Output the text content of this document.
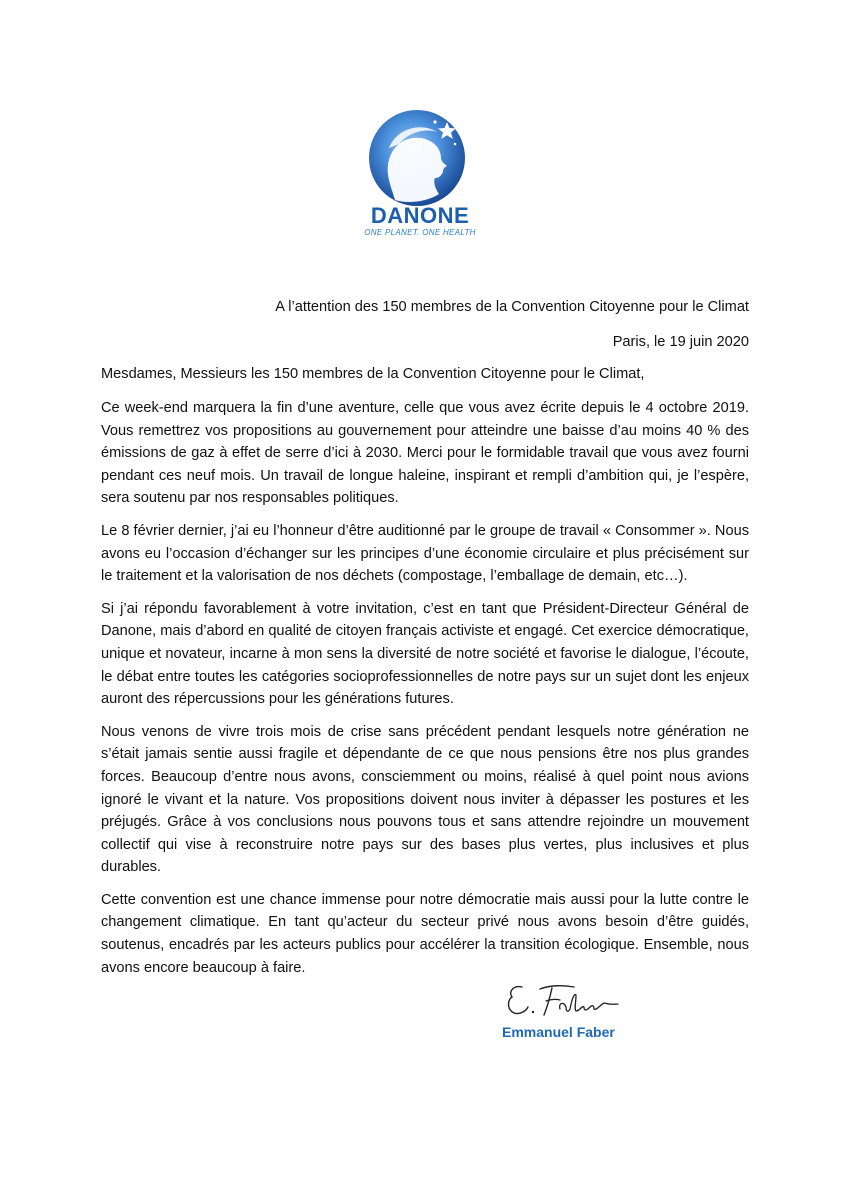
DANONE
ONE PLANET. ONE HEALTH
A l’attention des 150 membres de la Convention Citoyenne pour le Climat
Paris, le 19 juin 2020
Mesdames, Messieurs les 150 membres de la Convention Citoyenne pour le Climat,

Ce week-end marquera la fin d’une aventure, celle que vous avez écrite depuis le 4 octobre 2019. Vous remettrez vos propositions au gouvernement pour atteindre une baisse d’au moins 40 % des émissions de gaz à effet de serre d’ici à 2030. Merci pour le formidable travail que vous avez fourni pendant ces neuf mois. Un travail de longue haleine, inspirant et rempli d’ambition qui, je l’espère, sera soutenu par nos responsables politiques.

Le 8 février dernier, j’ai eu l’honneur d’être auditionné par le groupe de travail « Consommer ». Nous avons eu l’occasion d’échanger sur les principes d’une économie circulaire et plus précisément sur le traitement et la valorisation de nos déchets (compostage, l’emballage de demain, etc…).

Si j’ai répondu favorablement à votre invitation, c’est en tant que Président-Directeur Général de Danone, mais d’abord en qualité de citoyen français activiste et engagé. Cet exercice démocratique, unique et novateur, incarne à mon sens la diversité de notre société et favorise le dialogue, l’écoute, le débat entre toutes les catégories socioprofessionnelles de notre pays sur un sujet dont les enjeux auront des répercussions pour les générations futures.

Nous venons de vivre trois mois de crise sans précédent pendant lesquels notre génération ne s’était jamais sentie aussi fragile et dépendante de ce que nous pensions être nos plus grandes forces. Beaucoup d’entre nous avons, consciemment ou moins, réalisé à quel point nous avions ignoré le vivant et la nature. Vos propositions doivent nous inviter à dépasser les postures et les préjugés. Grâce à vos conclusions nous pouvons tous et sans attendre rejoindre un mouvement collectif qui vise à reconstruire notre pays sur des bases plus vertes, plus inclusives et plus durables.

Cette convention est une chance immense pour notre démocratie mais aussi pour la lutte contre le changement climatique. En tant qu’acteur du secteur privé nous avons besoin d’être guidés, soutenus, encadrés par les acteurs publics pour accélérer la transition écologique. Ensemble, nous avons encore beaucoup à faire.

Emmanuel Faber
